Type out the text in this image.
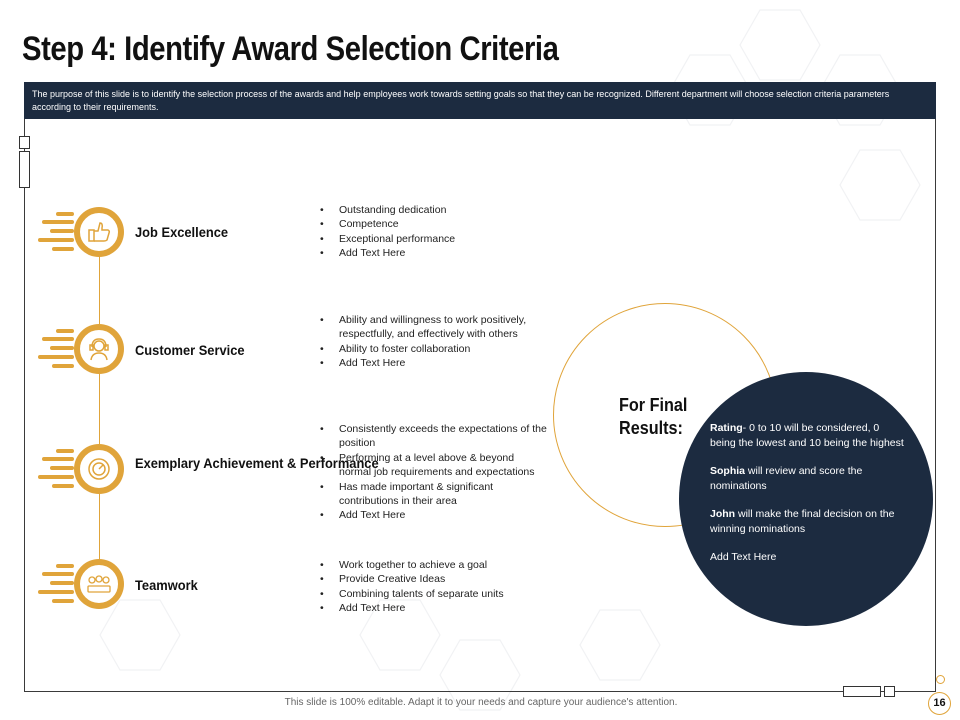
Step 4: Identify Award Selection Criteria
The purpose of this slide is to identify the selection process of the awards and help employees work towards setting goals so that they can be recognized. Different department will choose selection criteria parameters according to their requirements.
Job Excellence
• Outstanding dedication
• Competence
• Exceptional performance
• Add Text Here
Customer Service
• Ability and willingness to work positively, respectfully, and effectively with others
• Ability to foster collaboration
• Add Text Here
Exemplary Achievement & Performance
• Consistently exceeds the expectations of the position
• Performing at a level above & beyond normal job requirements and expectations
• Has made important & significant contributions in their area
• Add Text Here
Teamwork
• Work together to achieve a goal
• Provide Creative Ideas
• Combining talents of separate units
• Add Text Here
For Final Results:	Rating- 0 to 10 will be considered, 0 being the lowest and 10 being the highest

Sophia will review and score the nominations

John will make the final decision on the winning nominations

Add Text Here

This slide is 100% editable. Adapt it to your needs and capture your audience's attention.	16
